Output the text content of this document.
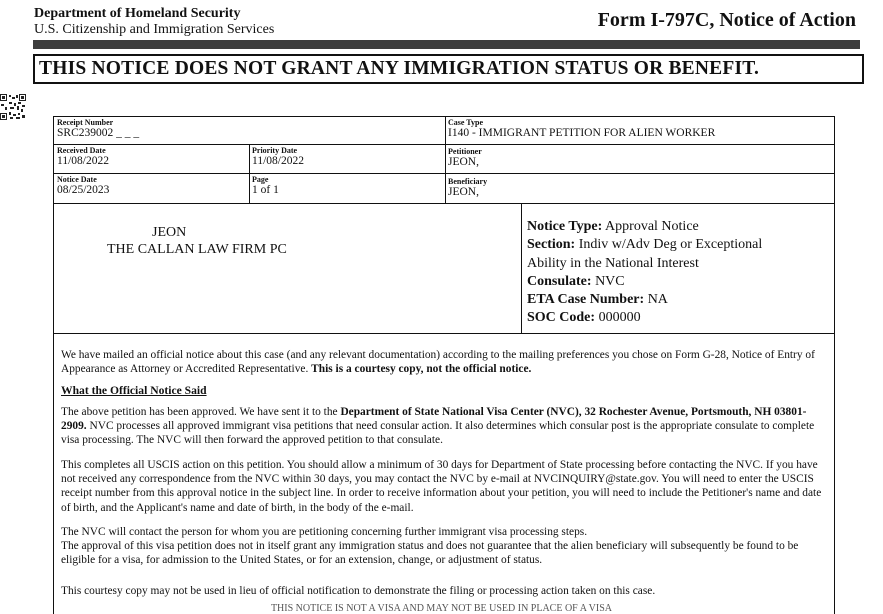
Department of Homeland Security
U.S. Citizenship and Immigration Services	Form I-797C, Notice of Action
THIS NOTICE DOES NOT GRANT ANY IMMIGRATION STATUS OR BENEFIT.
Receipt Number
SRC239002 _ _ _
Case Type
I140 - IMMIGRANT PETITION FOR ALIEN WORKER
Received Date
11/08/2022
Priority Date
11/08/2022
Petitioner
JEON,
Notice Date
08/25/2023
Page
1 of 1
Beneficiary
JEON,
JEON
THE CALLAN LAW FIRM PC
Notice Type: Approval Notice
Section: Indiv w/Adv Deg or Exceptional
Ability in the National Interest
Consulate: NVC
ETA Case Number: NA
SOC Code: 000000
We have mailed an official notice about this case (and any relevant documentation) according to the mailing preferences you chose on Form G-28, Notice of Entry of Appearance as Attorney or Accredited Representative. This is a courtesy copy, not the official notice.
What the Official Notice Said
The above petition has been approved. We have sent it to the Department of State National Visa Center (NVC), 32 Rochester Avenue, Portsmouth, NH 03801-2909. NVC processes all approved immigrant visa petitions that need consular action. It also determines which consular post is the appropriate consulate to complete visa processing. The NVC will then forward the approved petition to that consulate.
This completes all USCIS action on this petition. You should allow a minimum of 30 days for Department of State processing before contacting the NVC. If you have not received any correspondence from the NVC within 30 days, you may contact the NVC by e-mail at NVCINQUIRY@state.gov. You will need to enter the USCIS receipt number from this approval notice in the subject line. In order to receive information about your petition, you will need to include the Petitioner's name and date of birth, and the Applicant's name and date of birth, in the body of the e-mail.
The NVC will contact the person for whom you are petitioning concerning further immigrant visa processing steps.
The approval of this visa petition does not in itself grant any immigration status and does not guarantee that the alien beneficiary will subsequently be found to be eligible for a visa, for admission to the United States, or for an extension, change, or adjustment of status.
This courtesy copy may not be used in lieu of official notification to demonstrate the filing or processing action taken on this case.
THIS NOTICE IS NOT A VISA AND MAY NOT BE USED IN PLACE OF A VISA
